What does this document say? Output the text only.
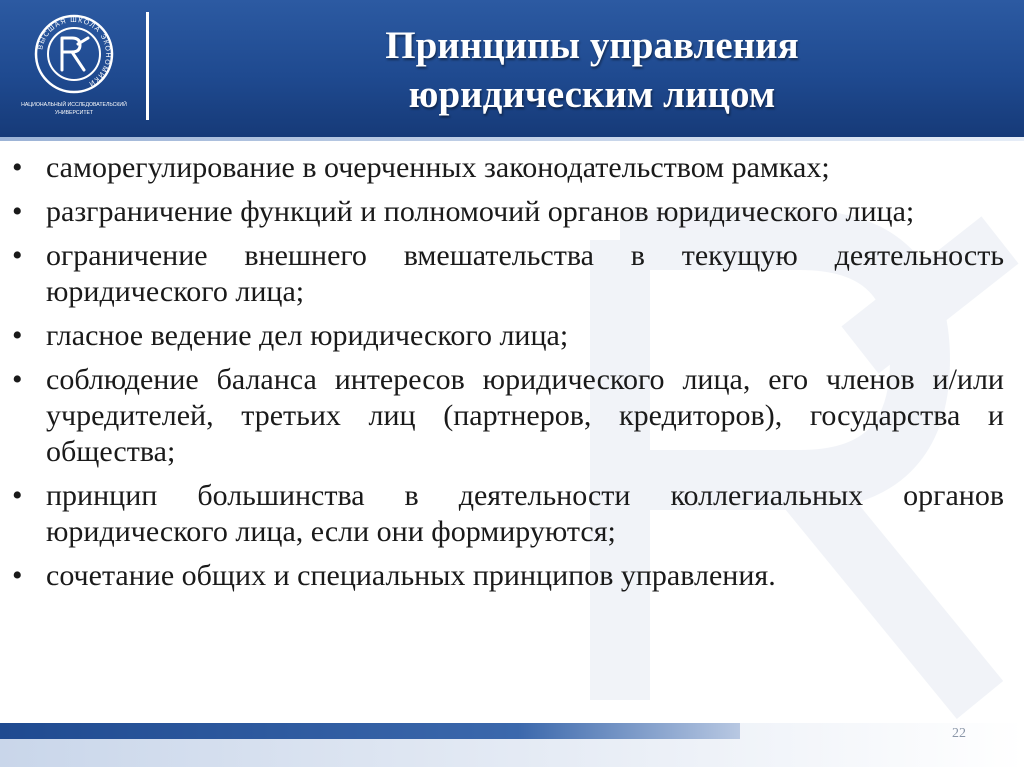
ВЫСШАЯ ШКОЛА ЭКОНОМИКИ
НАЦИОНАЛЬНЫЙ ИССЛЕДОВАТЕЛЬСКИЙ
УНИВЕРСИТЕТ
Принципы управления
юридическим лицом
• саморегулирование в очерченных законодательством рамках;
• разграничение функций и полномочий органов юридического лица;
• ограничение внешнего вмешательства в текущую деятельность юридического лица;
• гласное ведение дел юридического лица;
• соблюдение баланса интересов юридического лица, его членов и/или учредителей, третьих лиц (партнеров, кредиторов), государства и общества;
• принцип большинства в деятельности коллегиальных органов юридического лица, если они формируются;
• сочетание общих и специальных принципов управления.
22
